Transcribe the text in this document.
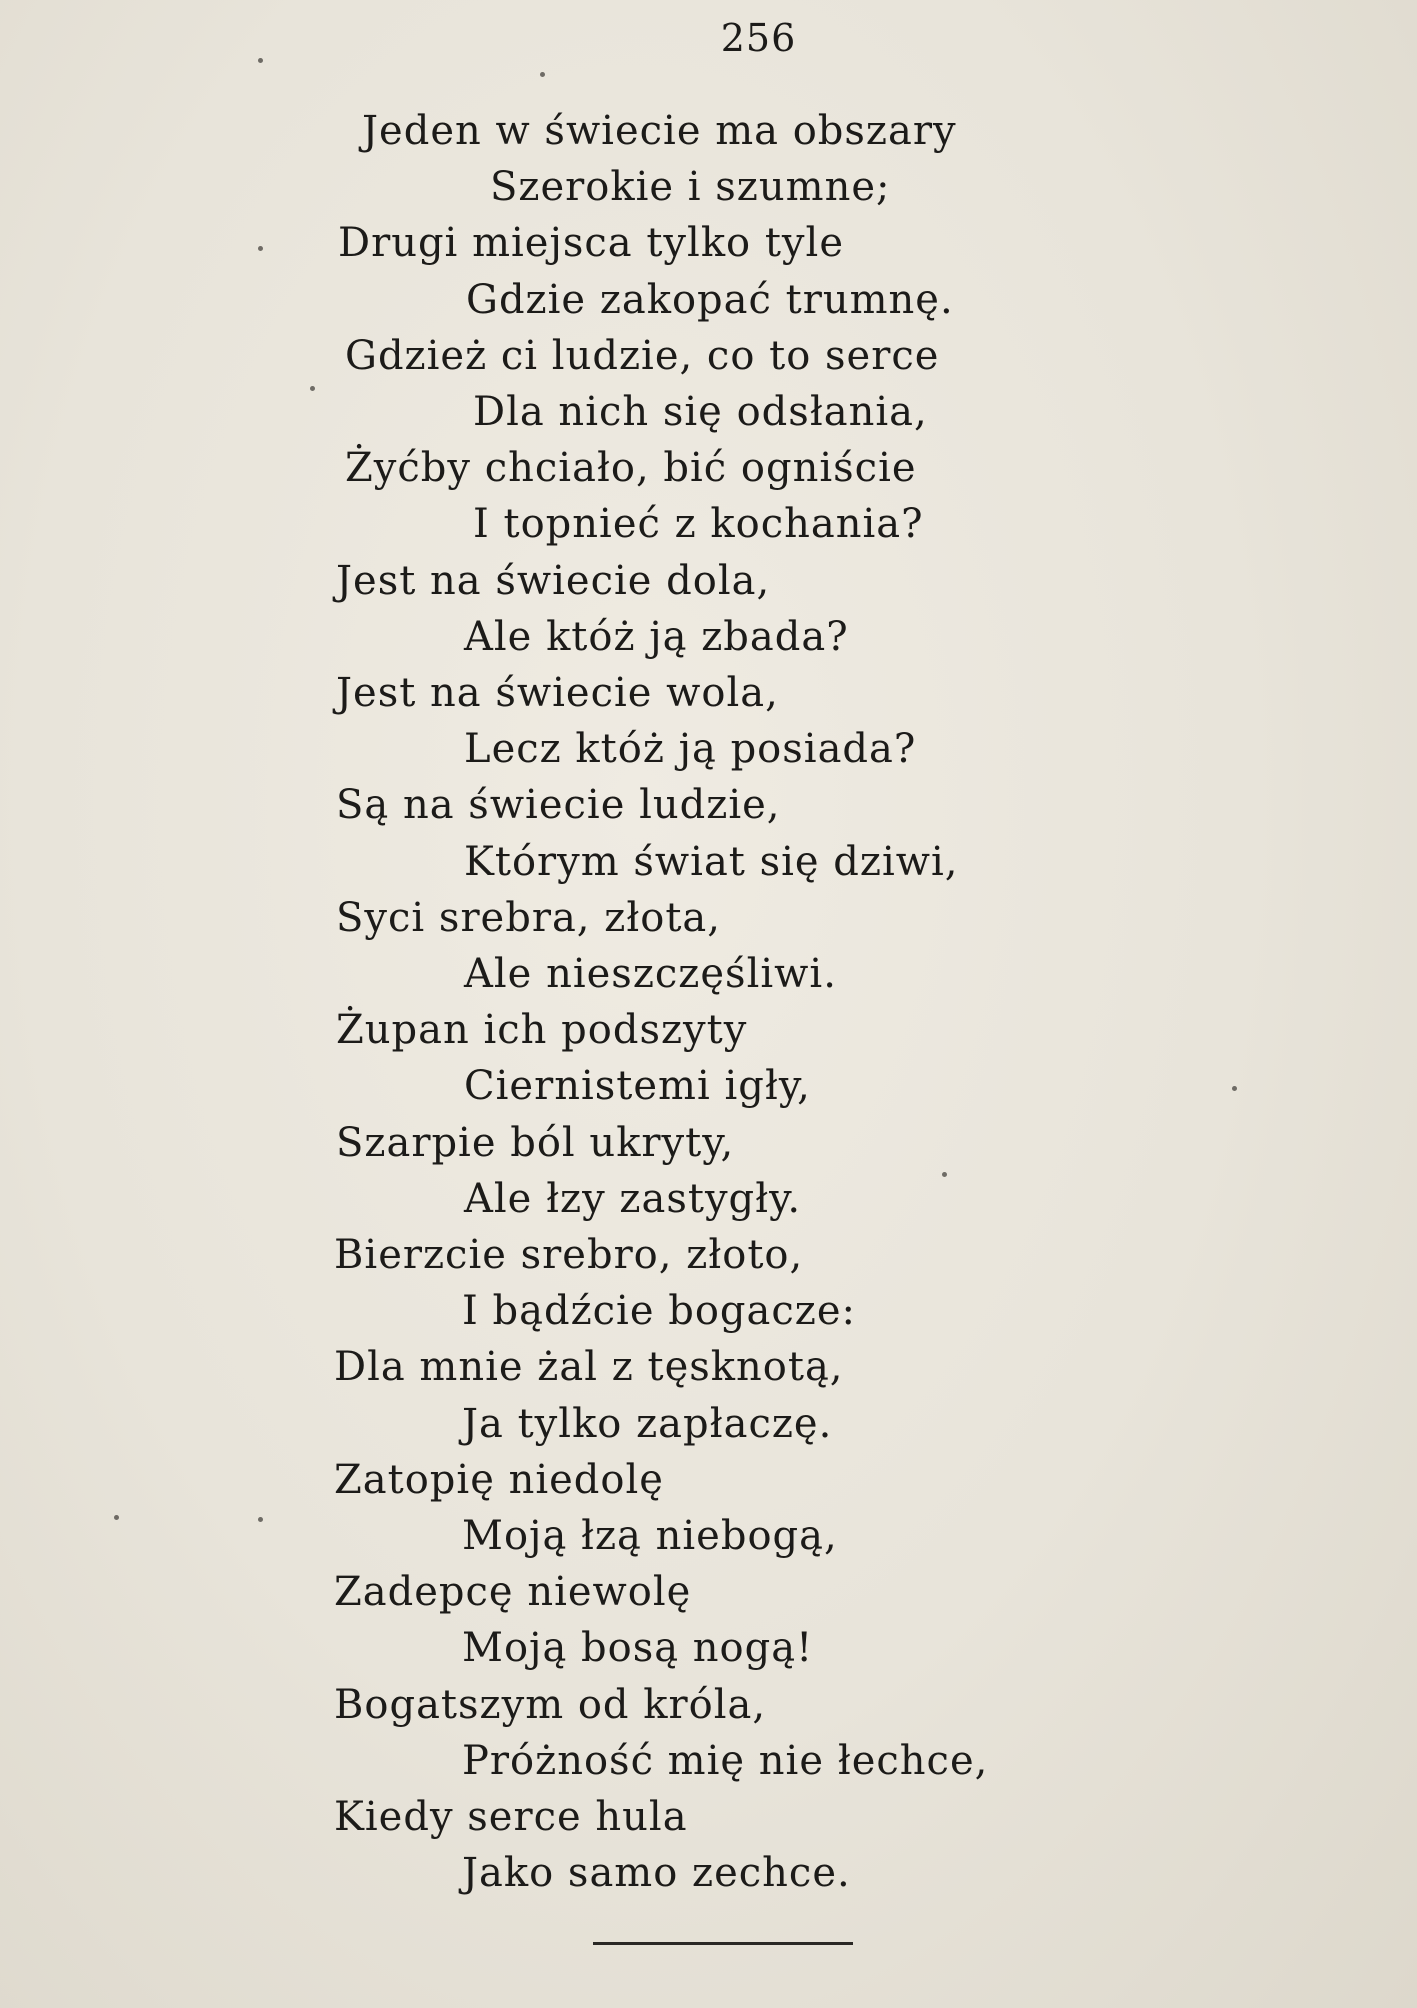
256
Jeden w świecie ma obszary
Szerokie i szumne;
Drugi miejsca tylko tyle
Gdzie zakopać trumnę.
Gdzież ci ludzie, co to serce
Dla nich się odsłania,
Żyćby chciało, bić ogniście
I topnieć z kochania?
Jest na świecie dola,
Ale któż ją zbada?
Jest na świecie wola,
Lecz któż ją posiada?
Są na świecie ludzie,
Którym świat się dziwi,
Syci srebra, złota,
Ale nieszczęśliwi.
Żupan ich podszyty
Ciernistemi igły,
Szarpie ból ukryty,
Ale łzy zastygły.
Bierzcie srebro, złoto,
I bądźcie bogacze:
Dla mnie żal z tęsknotą,
Ja tylko zapłaczę.
Zatopię niedolę
Moją łzą niebogą,
Zadepcę niewolę
Moją bosą nogą!
Bogatszym od króla,
Próżność mię nie łechce,
Kiedy serce hula
Jako samo zechce.
